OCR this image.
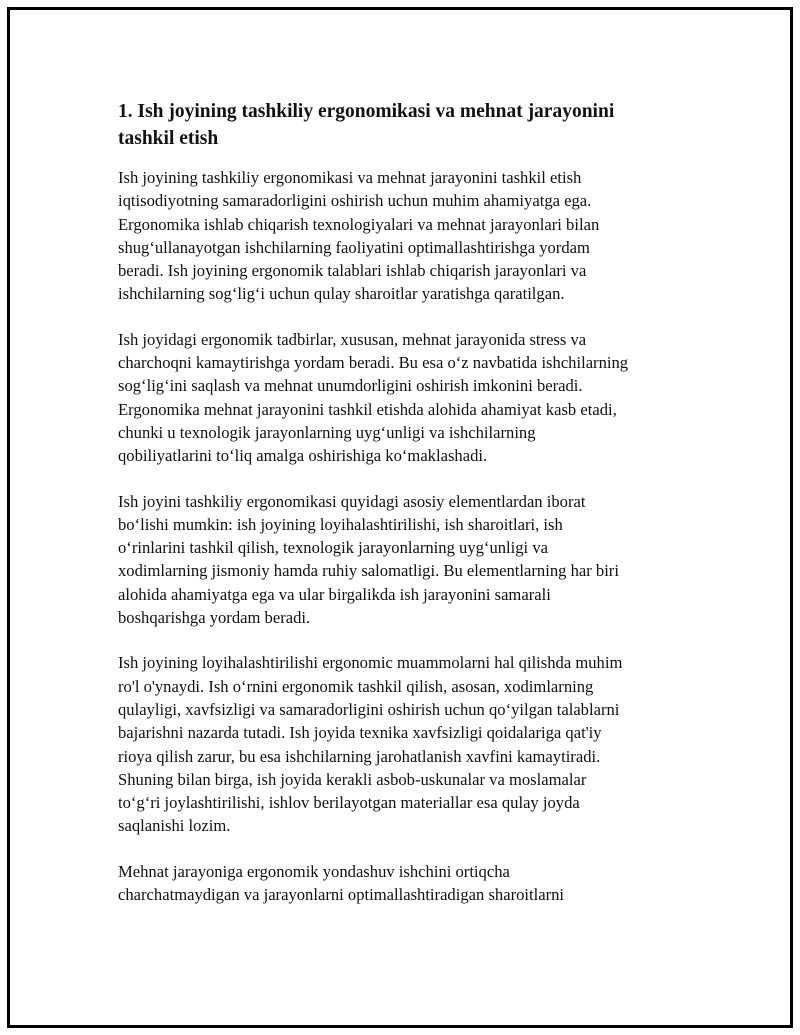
1. Ish joyining tashkiliy ergonomikasi va mehnat jarayonini
tashkil etish

Ish joyining tashkiliy ergonomikasi va mehnat jarayonini tashkil etish
iqtisodiyotning samaradorligini oshirish uchun muhim ahamiyatga ega.
Ergonomika ishlab chiqarish texnologiyalari va mehnat jarayonlari bilan
shug‘ullanayotgan ishchilarning faoliyatini optimallashtirishga yordam
beradi. Ish joyining ergonomik talablari ishlab chiqarish jarayonlari va
ishchilarning sog‘lig‘i uchun qulay sharoitlar yaratishga qaratilgan.

Ish joyidagi ergonomik tadbirlar, xususan, mehnat jarayonida stress va
charchoqni kamaytirishga yordam beradi. Bu esa o‘z navbatida ishchilarning
sog‘lig‘ini saqlash va mehnat unumdorligini oshirish imkonini beradi.
Ergonomika mehnat jarayonini tashkil etishda alohida ahamiyat kasb etadi,
chunki u texnologik jarayonlarning uyg‘unligi va ishchilarning
qobiliyatlarini to‘liq amalga oshirishiga ko‘maklashadi.

Ish joyini tashkiliy ergonomikasi quyidagi asosiy elementlardan iborat
bo‘lishi mumkin: ish joyining loyihalashtirilishi, ish sharoitlari, ish
o‘rinlarini tashkil qilish, texnologik jarayonlarning uyg‘unligi va
xodimlarning jismoniy hamda ruhiy salomatligi. Bu elementlarning har biri
alohida ahamiyatga ega va ular birgalikda ish jarayonini samarali
boshqarishga yordam beradi.

Ish joyining loyihalashtirilishi ergonomic muammolarni hal qilishda muhim
ro'l o'ynaydi. Ish o‘rnini ergonomik tashkil qilish, asosan, xodimlarning
qulayligi, xavfsizligi va samaradorligini oshirish uchun qo‘yilgan talablarni
bajarishni nazarda tutadi. Ish joyida texnika xavfsizligi qoidalariga qat'iy
rioya qilish zarur, bu esa ishchilarning jarohatlanish xavfini kamaytiradi.
Shuning bilan birga, ish joyida kerakli asbob-uskunalar va moslamalar
to‘g‘ri joylashtirilishi, ishlov berilayotgan materiallar esa qulay joyda
saqlanishi lozim.

Mehnat jarayoniga ergonomik yondashuv ishchini ortiqcha
charchatmaydigan va jarayonlarni optimallashtiradigan sharoitlarni
